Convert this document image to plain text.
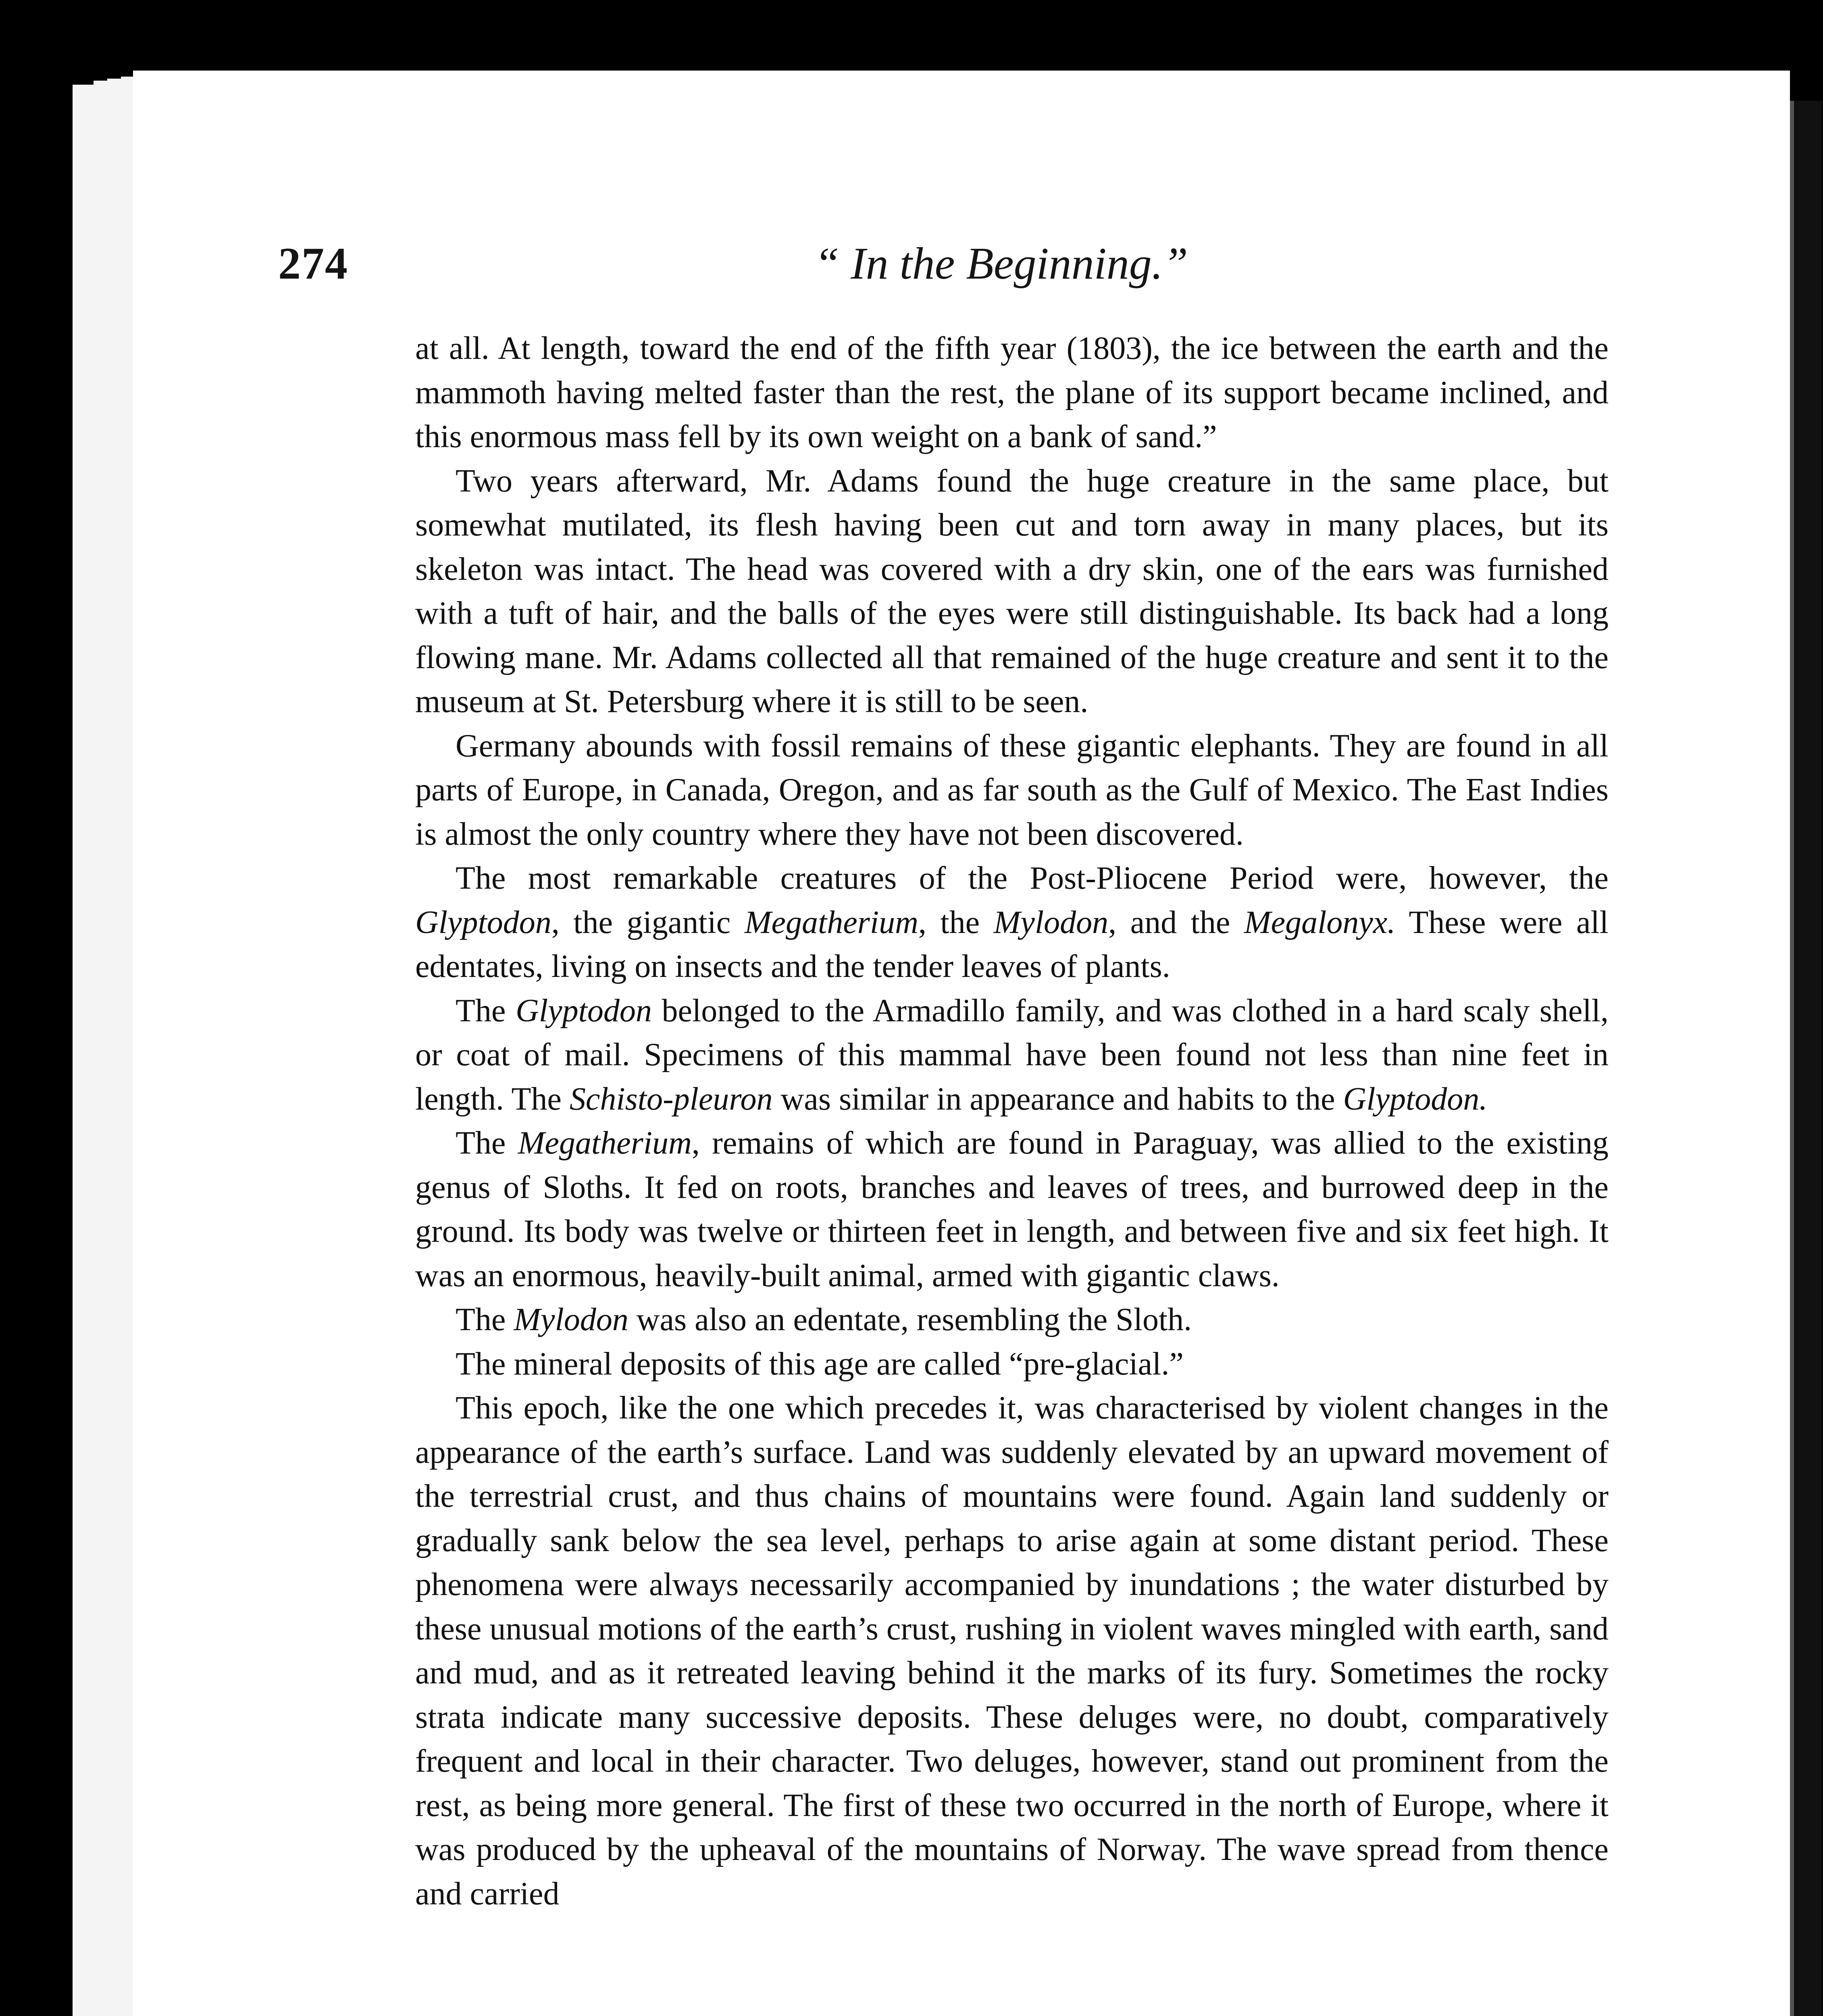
274	“ In the Beginning.”

at all. At length, toward the end of the fifth year (1803), the ice between the earth and the mammoth having melted faster than the rest, the plane of its support became inclined, and this enormous mass fell by its own weight on a bank of sand.”

Two years afterward, Mr. Adams found the huge creature in the same place, but somewhat mutilated, its flesh having been cut and torn away in many places, but its skeleton was intact. The head was covered with a dry skin, one of the ears was furnished with a tuft of hair, and the balls of the eyes were still distinguishable. Its back had a long flowing mane. Mr. Adams collected all that remained of the huge creature and sent it to the museum at St. Petersburg where it is still to be seen.

Germany abounds with fossil remains of these gigantic elephants. They are found in all parts of Europe, in Canada, Oregon, and as far south as the Gulf of Mexico. The East Indies is almost the only country where they have not been discovered.

The most remarkable creatures of the Post-Pliocene Period were, however, the Glyptodon, the gigantic Megatherium, the Mylodon, and the Megalonyx. These were all edentates, living on insects and the tender leaves of plants.

The Glyptodon belonged to the Armadillo family, and was clothed in a hard scaly shell, or coat of mail. Specimens of this mammal have been found not less than nine feet in length. The Schisto-pleuron was similar in appearance and habits to the Glyptodon.

The Megatherium, remains of which are found in Paraguay, was allied to the existing genus of Sloths. It fed on roots, branches and leaves of trees, and burrowed deep in the ground. Its body was twelve or thirteen feet in length, and between five and six feet high. It was an enormous, heavily-built animal, armed with gigantic claws.

The Mylodon was also an edentate, resembling the Sloth.

The mineral deposits of this age are called “pre-glacial.”

This epoch, like the one which precedes it, was characterised by violent changes in the appearance of the earth’s surface. Land was suddenly elevated by an upward movement of the terrestrial crust, and thus chains of mountains were found. Again land suddenly or gradually sank below the sea level, perhaps to arise again at some distant period. These phenomena were always necessarily accompanied by inundations ; the water disturbed by these unusual motions of the earth’s crust, rushing in violent waves mingled with earth, sand and mud, and as it retreated leaving behind it the marks of its fury. Sometimes the rocky strata indicate many successive deposits. These deluges were, no doubt, comparatively frequent and local in their character. Two deluges, however, stand out prominent from the rest, as being more general. The first of these two occurred in the north of Europe, where it was produced by the upheaval of the mountains of Norway. The wave spread from thence and carried
